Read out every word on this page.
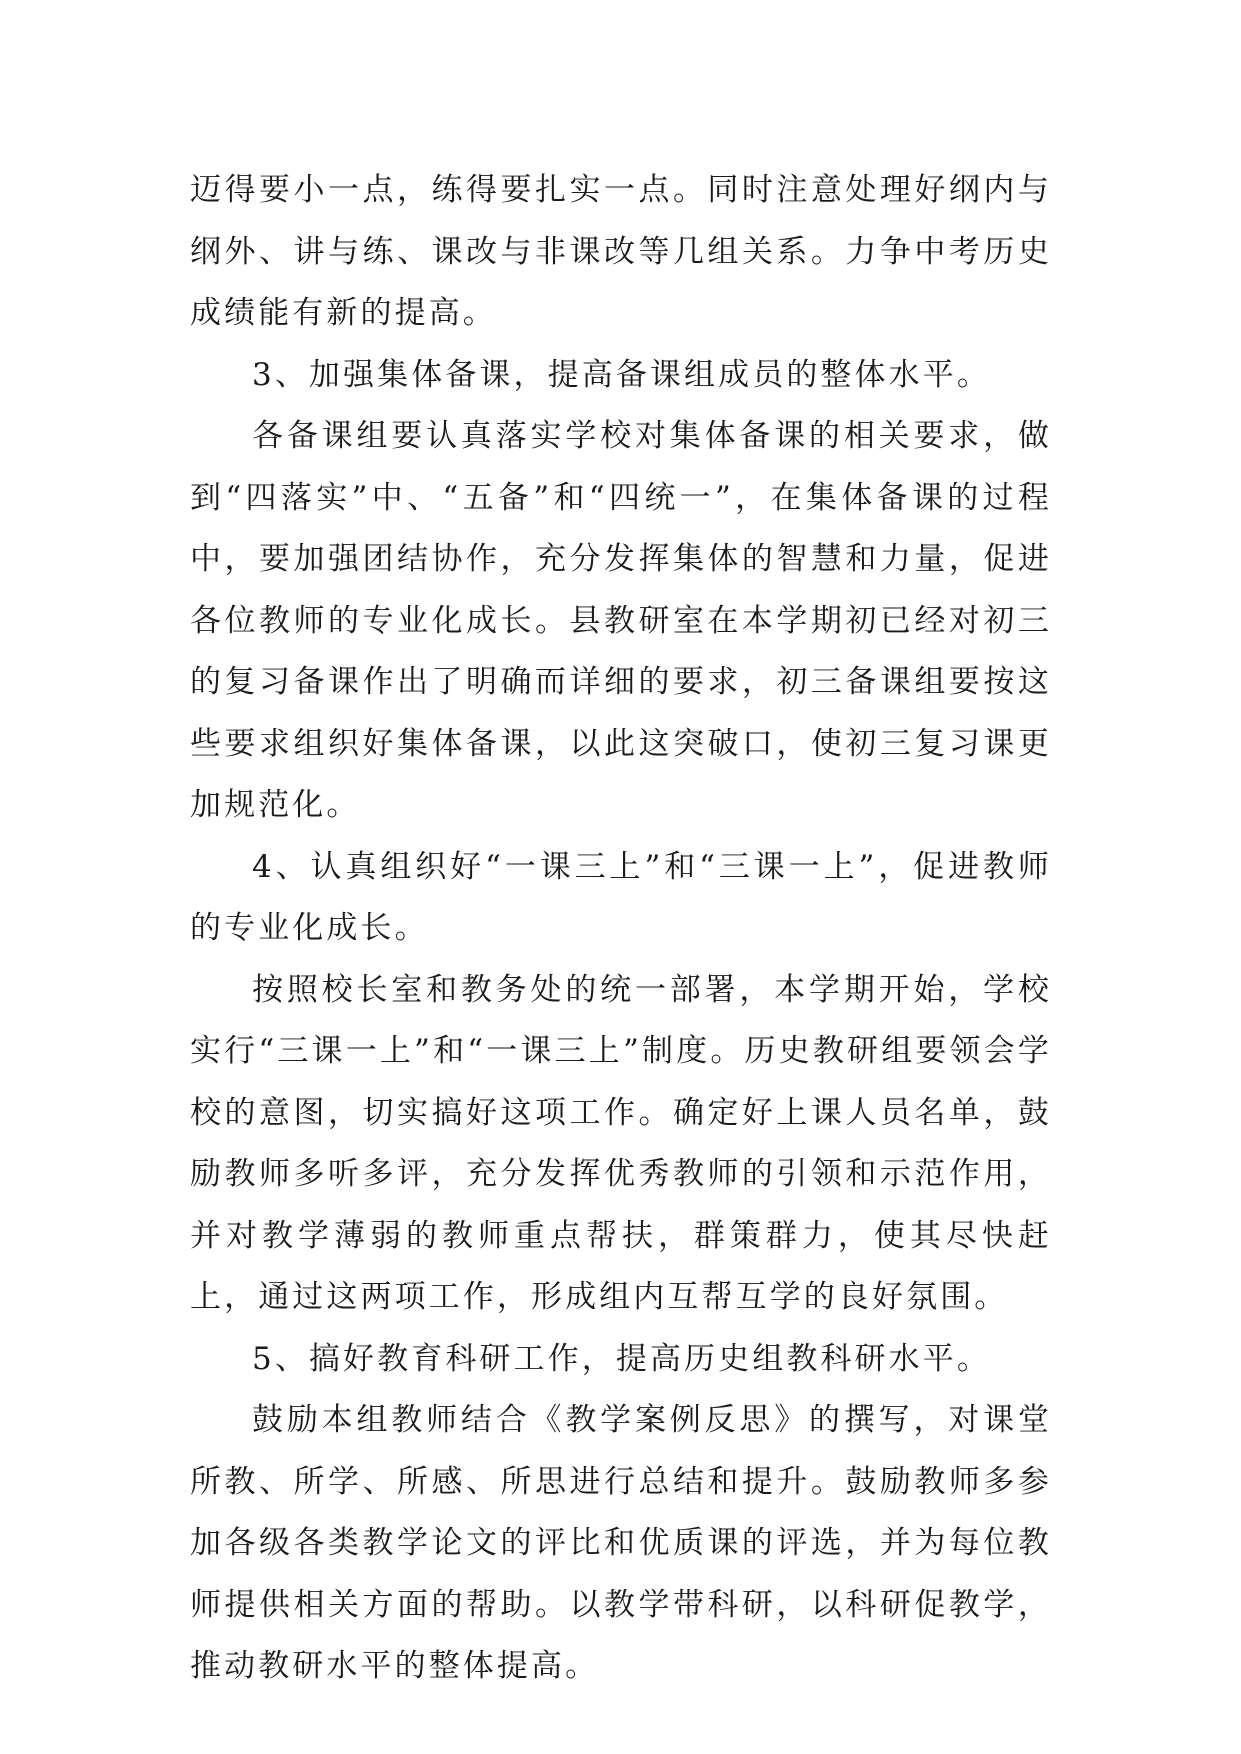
迈得要小一点，练得要扎实一点。同时注意处理好纲内与纲外、讲与练、课改与非课改等几组关系。力争中考历史成绩能有新的提高。

3、加强集体备课，提高备课组成员的整体水平。

各备课组要认真落实学校对集体备课的相关要求，做到“四落实”中、“五备”和“四统一”，在集体备课的过程中，要加强团结协作，充分发挥集体的智慧和力量，促进各位教师的专业化成长。县教研室在本学期初已经对初三的复习备课作出了明确而详细的要求，初三备课组要按这些要求组织好集体备课，以此这突破口，使初三复习课更加规范化。

4、认真组织好“一课三上”和“三课一上”，促进教师的专业化成长。

按照校长室和教务处的统一部署，本学期开始，学校实行“三课一上”和“一课三上”制度。历史教研组要领会学校的意图，切实搞好这项工作。确定好上课人员名单，鼓励教师多听多评，充分发挥优秀教师的引领和示范作用，并对教学薄弱的教师重点帮扶，群策群力，使其尽快赶上，通过这两项工作，形成组内互帮互学的良好氛围。

5、搞好教育科研工作，提高历史组教科研水平。

鼓励本组教师结合《教学案例反思》的撰写，对课堂所教、所学、所感、所思进行总结和提升。鼓励教师多参加各级各类教学论文的评比和优质课的评选，并为每位教师提供相关方面的帮助。以教学带科研，以科研促教学，推动教研水平的整体提高。
